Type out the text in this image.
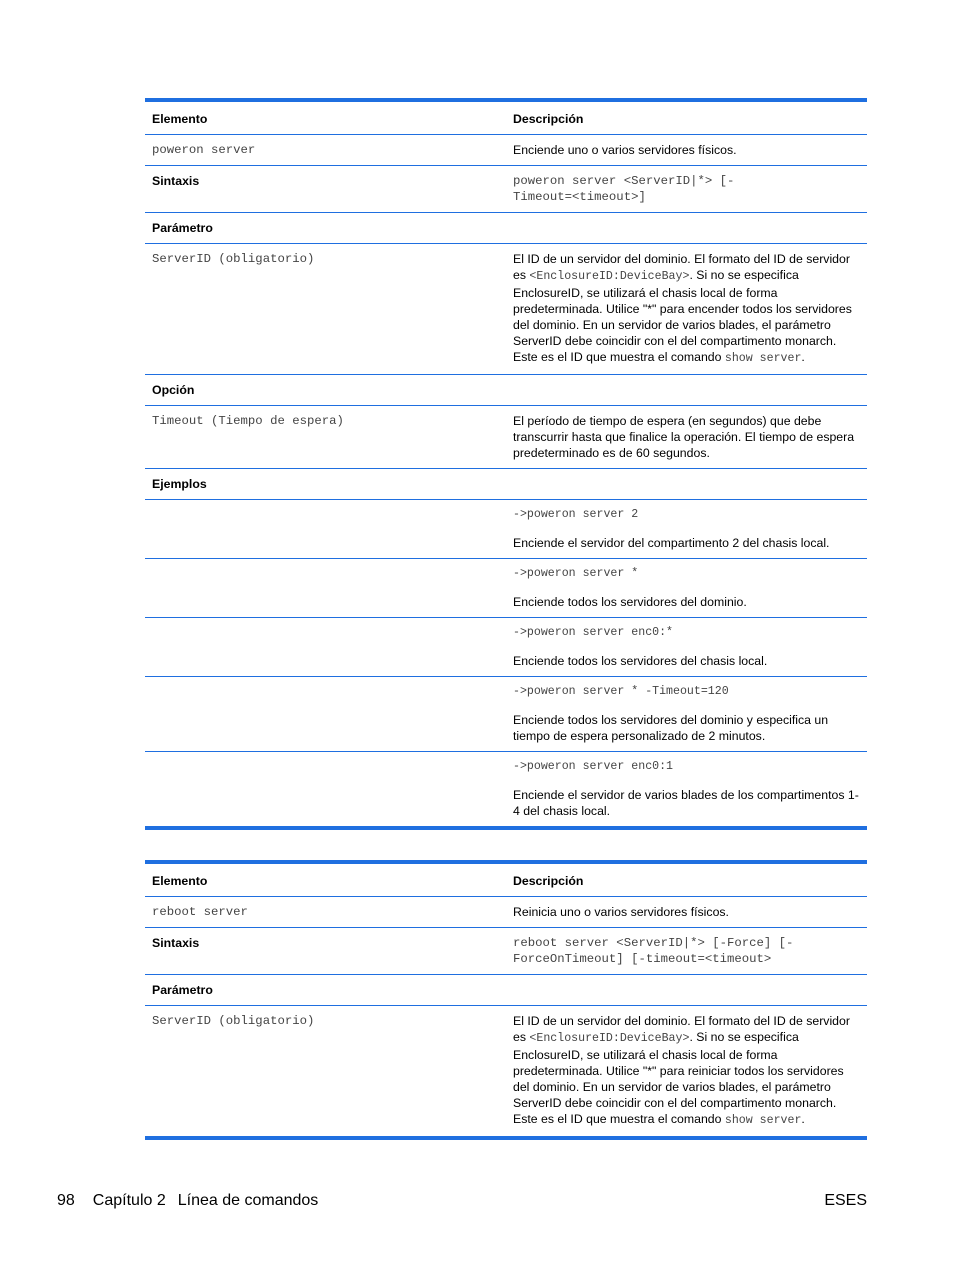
Elemento	Descripción
poweron server	Enciende uno o varios servidores físicos.
Sintaxis	poweron server <ServerID|*> [-
Timeout=<timeout>]
Parámetro	
ServerID (obligatorio)	El ID de un servidor del dominio. El formato del ID de servidor es <EnclosureID:DeviceBay>. Si no se especifica EnclosureID, se utilizará el chasis local de forma predeterminada. Utilice "*" para encender todos los servidores del dominio. En un servidor de varios blades, el parámetro ServerID debe coincidir con el del compartimento monarch. Este es el ID que muestra el comando show server.
Opción	
Timeout (Tiempo de espera)	El período de tiempo de espera (en segundos) que debe transcurrir hasta que finalice la operación. El tiempo de espera predeterminado es de 60 segundos.
Ejemplos	

	->poweron server 2
Enciende el servidor del compartimento 2 del chasis local.

	->poweron server *
Enciende todos los servidores del dominio.

	->poweron server enc0:*
Enciende todos los servidores del chasis local.

	->poweron server * -Timeout=120
Enciende todos los servidores del dominio y especifica un tiempo de espera personalizado de 2 minutos.

	->poweron server enc0:1
Enciende el servidor de varios blades de los compartimentos 1-4 del chasis local.
Elemento	Descripción
reboot server	Reinicia uno o varios servidores físicos.
Sintaxis	reboot server <ServerID|*> [-Force] [-
ForceOnTimeout] [-timeout=<timeout>
Parámetro	
ServerID (obligatorio)	El ID de un servidor del dominio. El formato del ID de servidor es <EnclosureID:DeviceBay>. Si no se especifica EnclosureID, se utilizará el chasis local de forma predeterminada. Utilice "*" para reiniciar todos los servidores del dominio. En un servidor de varios blades, el parámetro ServerID debe coincidir con el del compartimento monarch. Este es el ID que muestra el comando show server.
98 Capítulo 2 Línea de comandos	ESES
